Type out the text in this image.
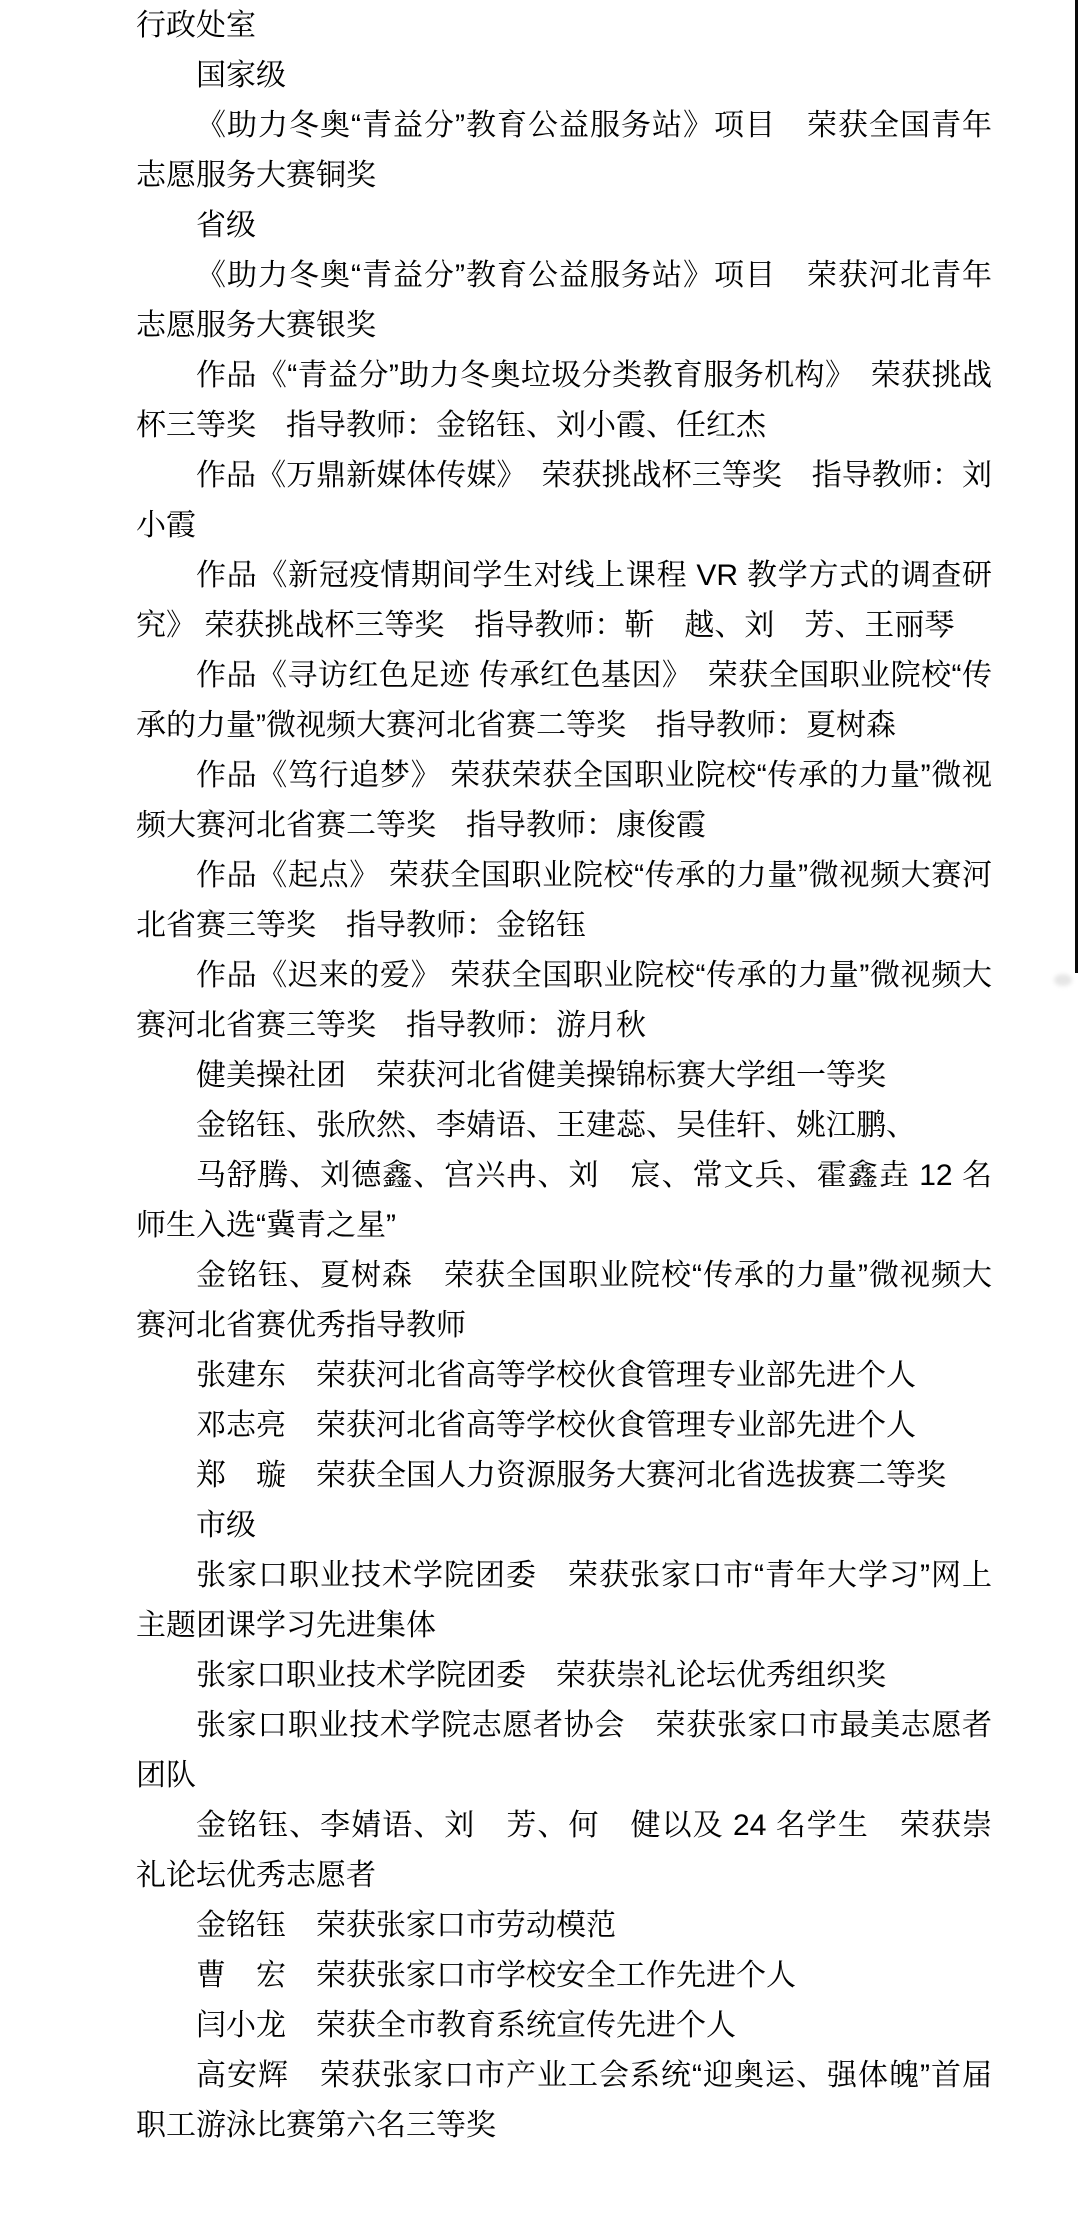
行政处室

国家级

《助力冬奥“青益分”教育公益服务站》项目　荣获全国青年志愿服务大赛铜奖

省级

《助力冬奥“青益分”教育公益服务站》项目　荣获河北青年志愿服务大赛银奖

作品《“青益分”助力冬奥垃圾分类教育服务机构》　荣获挑战杯三等奖　指导教师：金铭钰、刘小霞、任红杰

作品《万鼎新媒体传媒》　荣获挑战杯三等奖　指导教师：刘小霞

作品《新冠疫情期间学生对线上课程 VR 教学方式的调查研究》 荣获挑战杯三等奖　指导教师：靳　越、刘　芳、王丽琴

作品《寻访红色足迹 传承红色基因》　荣获全国职业院校“传承的力量”微视频大赛河北省赛二等奖　指导教师：夏树森

作品《笃行追梦》 荣获荣获全国职业院校“传承的力量”微视频大赛河北省赛二等奖　指导教师：康俊霞

作品《起点》 荣获全国职业院校“传承的力量”微视频大赛河北省赛三等奖　指导教师：金铭钰

作品《迟来的爱》 荣获全国职业院校“传承的力量”微视频大赛河北省赛三等奖　指导教师：游月秋

健美操社团　荣获河北省健美操锦标赛大学组一等奖

金铭钰、张欣然、李婧语、王建蕊、吴佳轩、姚江鹏、

马舒腾、刘德鑫、宫兴冉、刘　宸、常文兵、霍鑫垚 12 名师生入选“冀青之星”

金铭钰、夏树森　荣获全国职业院校“传承的力量”微视频大赛河北省赛优秀指导教师

张建东　荣获河北省高等学校伙食管理专业部先进个人

邓志亮　荣获河北省高等学校伙食管理专业部先进个人

郑　璇　荣获全国人力资源服务大赛河北省选拔赛二等奖

市级

张家口职业技术学院团委　荣获张家口市“青年大学习”网上主题团课学习先进集体

张家口职业技术学院团委　荣获崇礼论坛优秀组织奖

张家口职业技术学院志愿者协会　荣获张家口市最美志愿者团队

金铭钰、李婧语、刘　芳、何　健以及 24 名学生　荣获崇礼论坛优秀志愿者

金铭钰　荣获张家口市劳动模范

曹　宏　荣获张家口市学校安全工作先进个人

闫小龙　荣获全市教育系统宣传先进个人

高安辉　荣获张家口市产业工会系统“迎奥运、强体魄”首届职工游泳比赛第六名三等奖
